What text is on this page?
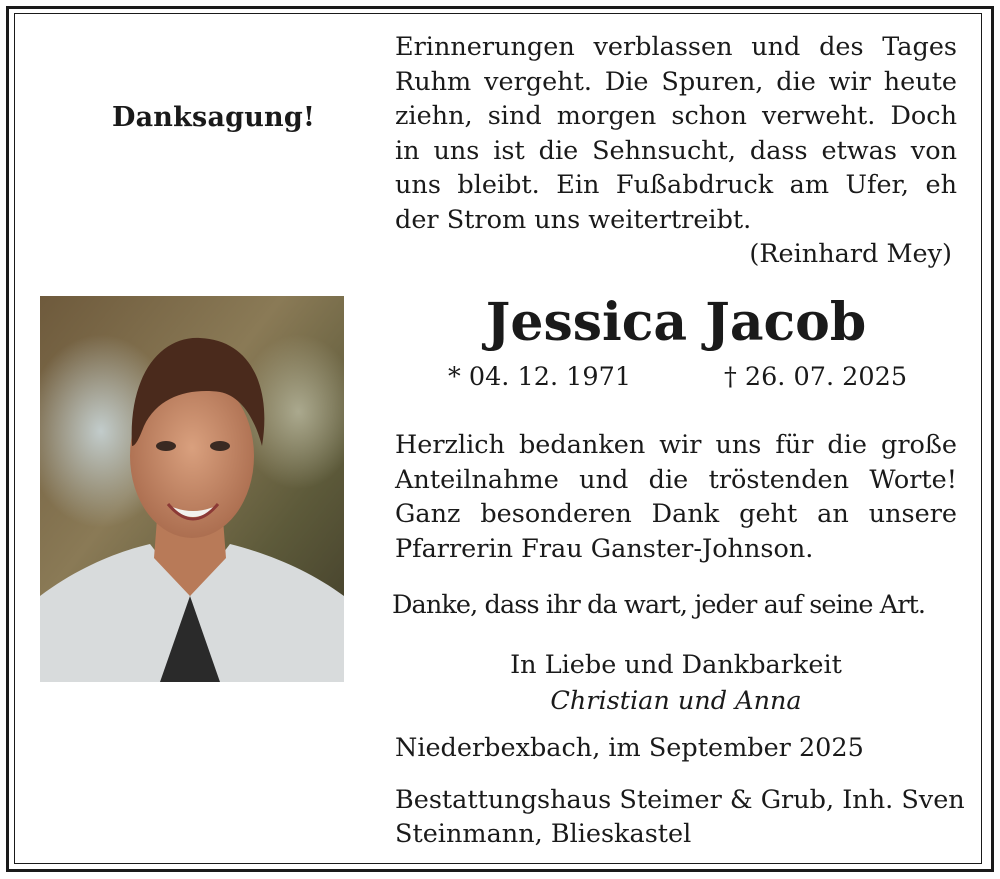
Danksagung!
Erinnerungen verblassen und des Tages
Ruhm vergeht. Die Spuren, die wir heute
ziehn, sind morgen schon verweht. Doch
in uns ist die Sehnsucht, dass etwas von
uns bleibt. Ein Fußabdruck am Ufer, eh
der Strom uns weitertreibt.
(Reinhard Mey)
Jessica Jacob
* 04. 12. 1971	† 26. 07. 2025
Herzlich bedanken wir uns für die große
Anteilnahme und die tröstenden Worte!
Ganz besonderen Dank geht an unsere
Pfarrerin Frau Ganster-Johnson.
Danke, dass ihr da wart, jeder auf seine Art.
In Liebe und Dankbarkeit
Christian und Anna
Niederbexbach, im September 2025
Bestattungshaus Steimer & Grub, Inh. Sven
Steinmann, Blieskastel
